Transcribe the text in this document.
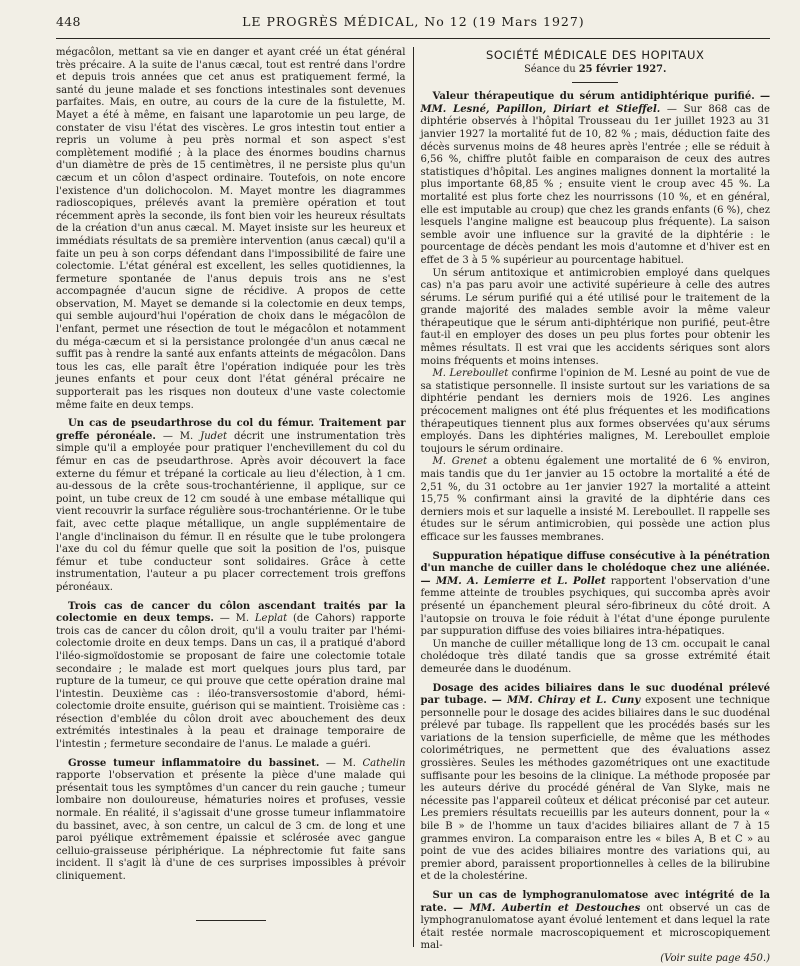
448	LE PROGRÈS MÉDICAL, No 12 (19 Mars 1927)

mégacôlon, mettant sa vie en danger et ayant créé un état général très précaire. A la suite de l'anus cæcal, tout est rentré dans l'ordre et depuis trois années que cet anus est pratiquement fermé, la santé du jeune malade et ses fonctions intestinales sont devenues parfaites. Mais, en outre, au cours de la cure de la fistulette, M. Mayet a été à même, en faisant une laparotomie un peu large, de constater de visu l'état des viscères. Le gros intestin tout entier a repris un volume à peu près normal et son aspect s'est complètement modifié ; à la place des énormes boudins charnus d'un diamètre de près de 15 centimètres, il ne persiste plus qu'un cæcum et un côlon d'aspect ordinaire. Toutefois, on note encore l'existence d'un dolichocolon. M. Mayet montre les diagrammes radioscopiques, prélevés avant la première opération et tout récemment après la seconde, ils font bien voir les heureux résultats de la création d'un anus cæcal. M. Mayet insiste sur les heureux et immédiats résultats de sa première intervention (anus cæcal) qu'il a faite un peu à son corps défendant dans l'impossibilité de faire une colectomie. L'état général est excellent, les selles quotidiennes, la fermeture spontanée de l'anus depuis trois ans ne s'est accompagnée d'aucun signe de récidive. A propos de cette observation, M. Mayet se demande si la colectomie en deux temps, qui semble aujourd'hui l'opération de choix dans le mégacôlon de l'enfant, permet une résection de tout le mégacôlon et notamment du méga-cæcum et si la persistance prolongée d'un anus cæcal ne suffit pas à rendre la santé aux enfants atteints de mégacôlon. Dans tous les cas, elle paraît être l'opération indiquée pour les très jeunes enfants et pour ceux dont l'état général précaire ne supporterait pas les risques non douteux d'une vaste colectomie même faite en deux temps.

Un cas de pseudarthrose du col du fémur. Traitement par greffe péronéale. — M. Judet décrit une instrumentation très simple qu'il a employée pour pratiquer l'enchevillement du col du fémur en cas de pseudarthrose. Après avoir découvert la face externe du fémur et trépané la corticale au lieu d'élection, à 1 cm. au-dessous de la crête sous-trochantérienne, il applique, sur ce point, un tube creux de 12 cm soudé à une embase métallique qui vient recouvrir la surface régulière sous-trochantérienne. Or le tube fait, avec cette plaque métallique, un angle supplémentaire de l'angle d'inclinaison du fémur. Il en résulte que le tube prolongera l'axe du col du fémur quelle que soit la position de l'os, puisque fémur et tube conducteur sont solidaires. Grâce à cette instrumentation, l'auteur a pu placer correctement trois greffons péronéaux.

Trois cas de cancer du côlon ascendant traités par la colectomie en deux temps. — M. Leplat (de Cahors) rapporte trois cas de cancer du côlon droit, qu'il a voulu traiter par l'hémi-colectomie droite en deux temps. Dans un cas, il a pratiqué d'abord l'iléo-sigmoïdostomie se proposant de faire une colectomie totale secondaire ; le malade est mort quelques jours plus tard, par rupture de la tumeur, ce qui prouve que cette opération draine mal l'intestin. Deuxième cas : iléo-transversostomie d'abord, hémi-colectomie droite ensuite, guérison qui se maintient. Troisième cas : résection d'emblée du côlon droit avec abouchement des deux extrémités intestinales à la peau et drainage temporaire de l'intestin ; fermeture secondaire de l'anus. Le malade a guéri.

Grosse tumeur inflammatoire du bassinet. — M. Cathelin rapporte l'observation et présente la pièce d'une malade qui présentait tous les symptômes d'un cancer du rein gauche ; tumeur lombaire non douloureuse, hématuries noires et profuses, vessie normale. En réalité, il s'agissait d'une grosse tumeur inflammatoire du bassinet, avec, à son centre, un calcul de 3 cm. de long et une paroi pyélique extrêmement épaissie et sclérosée avec gangue celluio-graisseuse périphérique. La néphrectomie fut faite sans incident. Il s'agit là d'une de ces surprises impossibles à prévoir cliniquement.

SOCIÉTÉ MÉDICALE DES HOPITAUX
Séance du 25 février 1927.

Valeur thérapeutique du sérum antidiphtérique purifié. — MM. Lesné, Papillon, Diriart et Stieffel. — Sur 868 cas de diphtérie observés à l'hôpital Trousseau du 1er juillet 1923 au 31 janvier 1927 la mortalité fut de 10, 82 % ; mais, déduction faite des décès survenus moins de 48 heures après l'entrée ; elle se réduit à 6,56 %, chiffre plutôt faible en comparaison de ceux des autres statistiques d'hôpital. Les angines malignes donnent la mortalité la plus importante 68,85 % ; ensuite vient le croup avec 45 %. La mortalité est plus forte chez les nourrissons (10 %, et en général, elle est imputable au croup) que chez les grands enfants (6 %), chez lesquels l'angine maligne est beaucoup plus fréquente). La saison semble avoir une influence sur la gravité de la diphtérie : le pourcentage de décès pendant les mois d'automne et d'hiver est en effet de 3 à 5 % supérieur au pourcentage habituel.

Un sérum antitoxique et antimicrobien employé dans quelques cas) n'a pas paru avoir une activité supérieure à celle des autres sérums. Le sérum purifié qui a été utilisé pour le traitement de la grande majorité des malades semble avoir la même valeur thérapeutique que le sérum anti-diphtérique non purifié, peut-être faut-il en employer des doses un peu plus fortes pour obtenir les mêmes résultats. Il est vrai que les accidents sériques sont alors moins fréquents et moins intenses.

M. Lereboullet confirme l'opinion de M. Lesné au point de vue de sa statistique personnelle. Il insiste surtout sur les variations de sa diphtérie pendant les derniers mois de 1926. Les angines précocement malignes ont été plus fréquentes et les modifications thérapeutiques tiennent plus aux formes observées qu'aux sérums employés. Dans les diphtéries malignes, M. Lereboullet emploie toujours le sérum ordinaire.

M. Grenet a obtenu également une mortalité de 6 % environ, mais tandis que du 1er janvier au 15 octobre la mortalité a été de 2,51 %, du 31 octobre au 1er janvier 1927 la mortalité a atteint 15,75 % confirmant ainsi la gravité de la diphtérie dans ces derniers mois et sur laquelle a insisté M. Lereboullet. Il rappelle ses études sur le sérum antimicrobien, qui possède une action plus efficace sur les fausses membranes.

Suppuration hépatique diffuse consécutive à la pénétration d'un manche de cuiller dans le cholédoque chez une aliénée. — MM. A. Lemierre et L. Pollet rapportent l'observation d'une femme atteinte de troubles psychiques, qui succomba après avoir présenté un épanchement pleural séro-fibrineux du côté droit. A l'autopsie on trouva le foie réduit à l'état d'une éponge purulente par suppuration diffuse des voies biliaires intra-hépatiques.

Un manche de cuiller métallique long de 13 cm. occupait le canal cholédoque très dilaté tandis que sa grosse extrémité était demeurée dans le duodénum.

Dosage des acides biliaires dans le suc duodénal prélevé par tubage. — MM. Chiray et L. Cuny exposent une technique personnelle pour le dosage des acides biliaires dans le suc duodénal prélevé par tubage. Ils rappellent que les procédés basés sur les variations de la tension superficielle, de même que les méthodes colorimétriques, ne permettent que des évaluations assez grossières. Seules les méthodes gazométriques ont une exactitude suffisante pour les besoins de la clinique. La méthode proposée par les auteurs dérive du procédé général de Van Slyke, mais ne nécessite pas l'appareil coûteux et délicat préconisé par cet auteur. Les premiers résultats recueillis par les auteurs donnent, pour la « bile B » de l'homme un taux d'acides biliaires allant de 7 à 15 grammes environ. La comparaison entre les « biles A, B et C » au point de vue des acides biliaires montre des variations qui, au premier abord, paraissent proportionnelles à celles de la bilirubine et de la cholestérine.

Sur un cas de lymphogranulomatose avec intégrité de la rate. — MM. Aubertin et Destouches ont observé un cas de lymphogranulomatose ayant évolué lentement et dans lequel la rate était restée normale macroscopiquement et microscopiquement mal-

(Voir suite page 450.)
